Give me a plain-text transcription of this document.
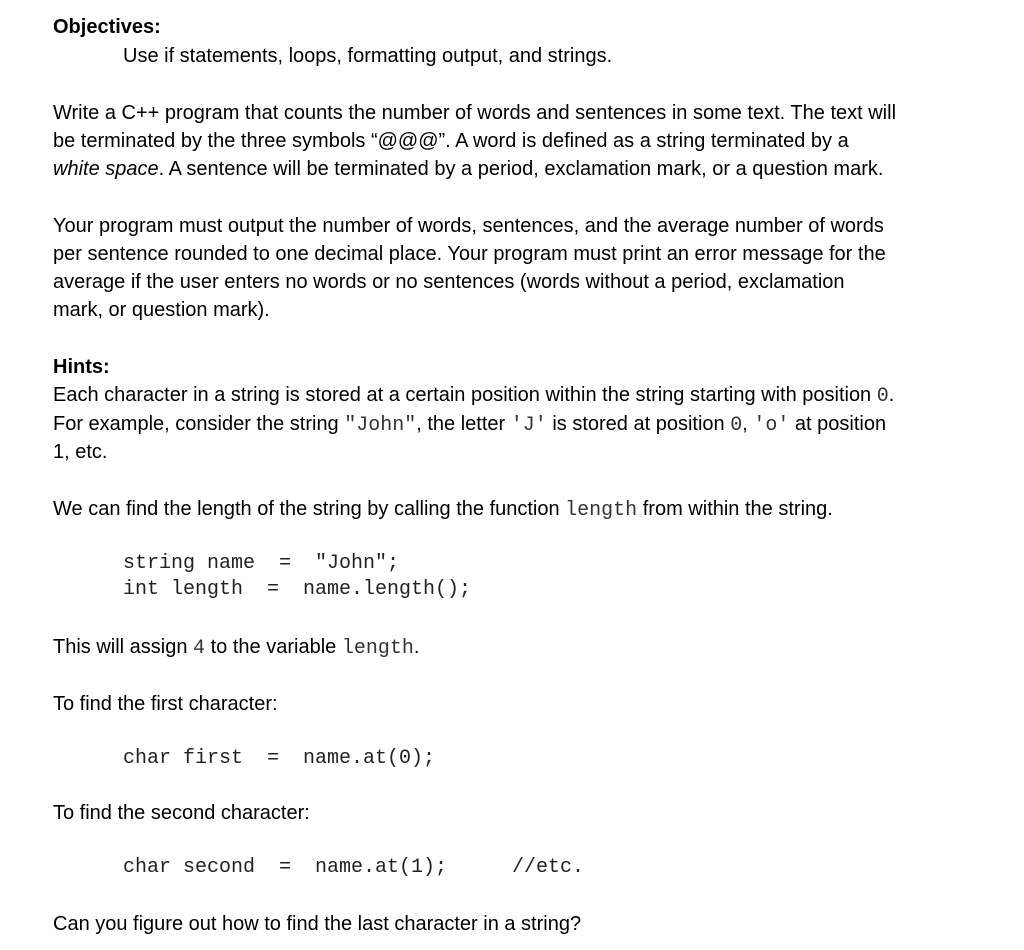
Objectives:
Use if statements, loops, formatting output, and strings.
Write a C++ program that counts the number of words and sentences in some text. The text will
be terminated by the three symbols “@@@”. A word is defined as a string terminated by a
white space. A sentence will be terminated by a period, exclamation mark, or a question mark.
Your program must output the number of words, sentences, and the average number of words
per sentence rounded to one decimal place. Your program must print an error message for the
average if the user enters no words or no sentences (words without a period, exclamation
mark, or question mark).
Hints:
Each character in a string is stored at a certain position within the string starting with position 0.
For example, consider the string "John", the letter 'J' is stored at position 0, 'o' at position
1, etc.
We can find the length of the string by calling the function length from within the string.
string name  =  "John";
int length  =  name.length();
This will assign 4 to the variable length.
To find the first character:
char first  =  name.at(0);
To find the second character:
char second  =  name.at(1);	//etc.
Can you figure out how to find the last character in a string?
